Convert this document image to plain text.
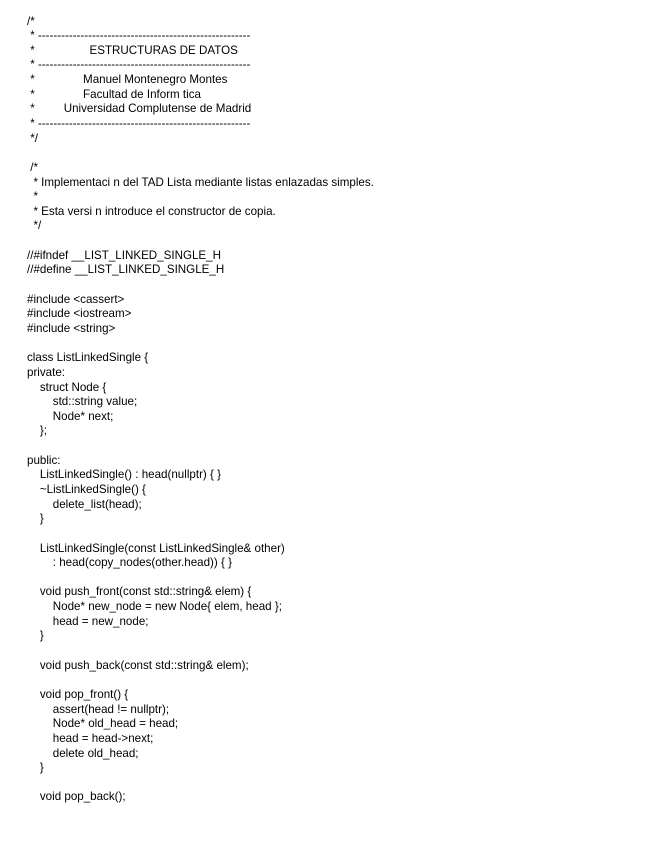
/*
* -------------------------------------------------------
*                 ESTRUCTURAS DE DATOS
* -------------------------------------------------------
*               Manuel Montenegro Montes
*               Facultad de Inform tica
*         Universidad Complutense de Madrid
* -------------------------------------------------------
*/
/*
* Implementaci n del TAD Lista mediante listas enlazadas simples.
*
* Esta versi n introduce el constructor de copia.
*/
//#ifndef __LIST_LINKED_SINGLE_H
//#define __LIST_LINKED_SINGLE_H
#include <cassert>
#include <iostream>
#include <string>
class ListLinkedSingle {
private:
struct Node {
std::string value;
Node* next;
};
public:
ListLinkedSingle() : head(nullptr) { }
~ListLinkedSingle() {
delete_list(head);
}
ListLinkedSingle(const ListLinkedSingle& other)
: head(copy_nodes(other.head)) { }
void push_front(const std::string& elem) {
Node* new_node = new Node{ elem, head };
head = new_node;
}
void push_back(const std::string& elem);
void pop_front() {
assert(head != nullptr);
Node* old_head = head;
head = head->next;
delete old_head;
}
void pop_back();
